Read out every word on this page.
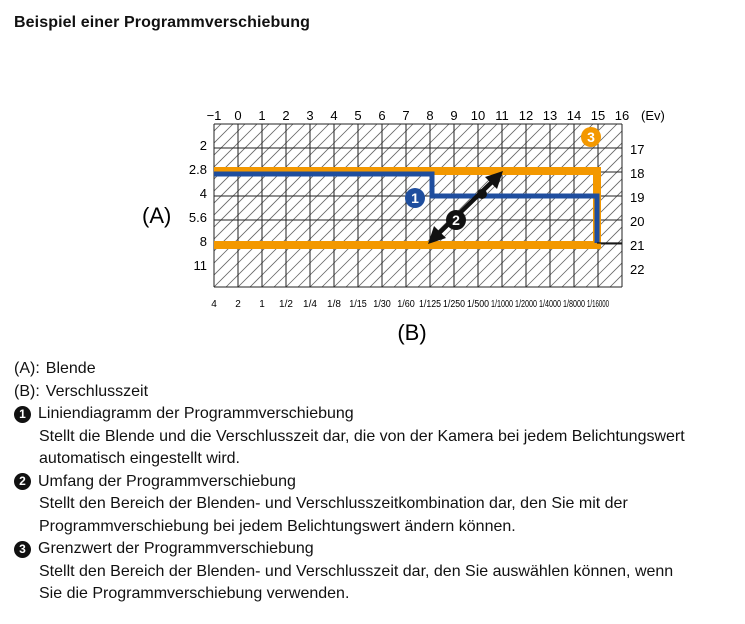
Beispiel einer Programmverschiebung
−1 0 1 2 3 4 5 6 7 8 9 10 11 12 13 14 15 16 (Ev)
2
2.8
4
5.6
8
11
17
18
19
20
21
22
4 2 1 1/2 1/4 1/8 1/15 1/30 1/60 1/125 1/250 1/500 1/1000 1/2000 1/4000 1/8000 1/16000
(A)
(B)
1
2
3
(A): Blende
(B): Verschlusszeit
1 Liniendiagramm der Programmverschiebung
Stellt die Blende und die Verschlusszeit dar, die von der Kamera bei jedem Belichtungswert
automatisch eingestellt wird.
2 Umfang der Programmverschiebung
Stellt den Bereich der Blenden- und Verschlusszeitkombination dar, den Sie mit der
Programmverschiebung bei jedem Belichtungswert ändern können.
3 Grenzwert der Programmverschiebung
Stellt den Bereich der Blenden- und Verschlusszeit dar, den Sie auswählen können, wenn
Sie die Programmverschiebung verwenden.
